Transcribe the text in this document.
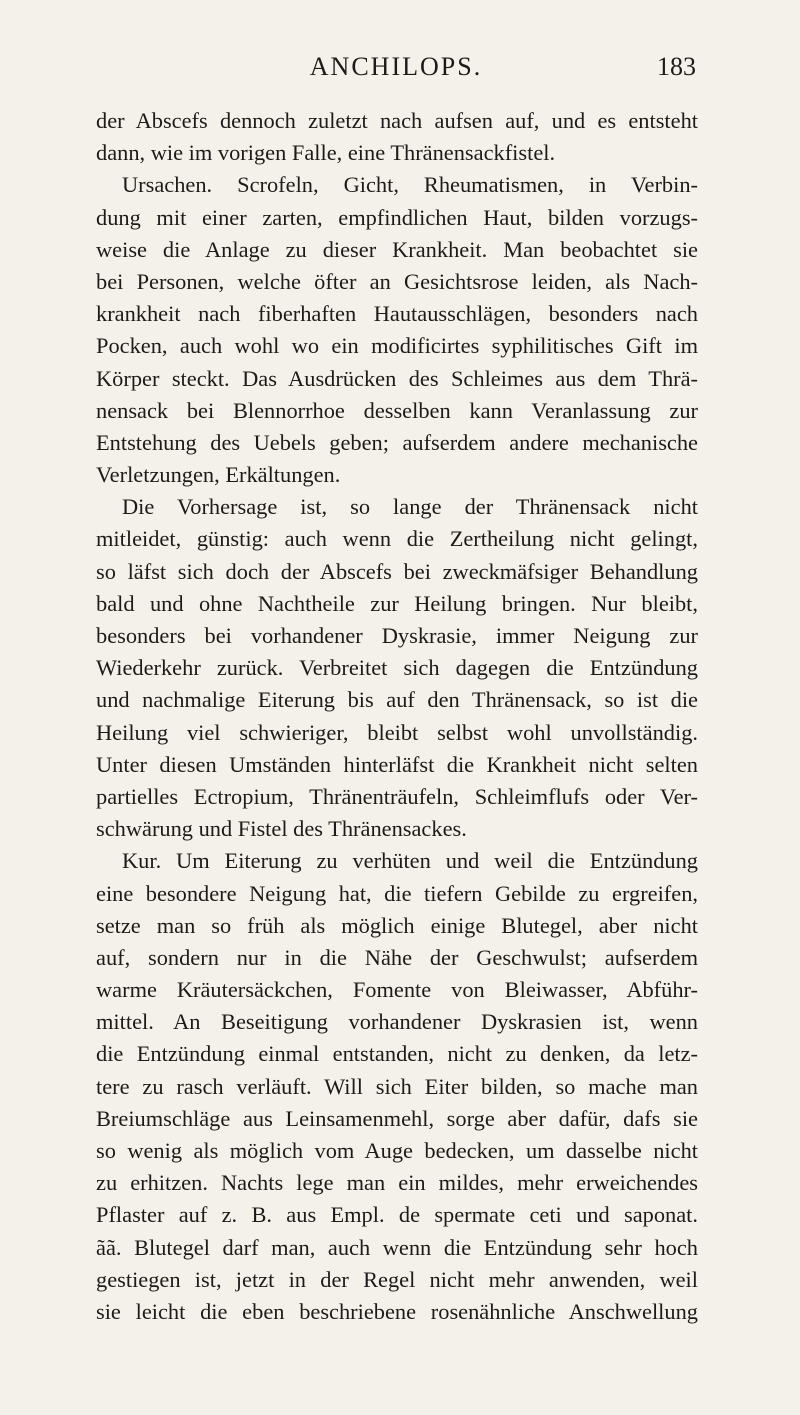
ANCHILOPS.	183
der Abscefs dennoch zuletzt nach aufsen auf, und es entsteht
dann, wie im vorigen Falle, eine Thränensackfistel.
Ursachen. Scrofeln, Gicht, Rheumatismen, in Verbin-
dung mit einer zarten, empfindlichen Haut, bilden vorzugs-
weise die Anlage zu dieser Krankheit. Man beobachtet sie
bei Personen, welche öfter an Gesichtsrose leiden, als Nach-
krankheit nach fiberhaften Hautausschlägen, besonders nach
Pocken, auch wohl wo ein modificirtes syphilitisches Gift im
Körper steckt. Das Ausdrücken des Schleimes aus dem Thrä-
nensack bei Blennorrhoe desselben kann Veranlassung zur
Entstehung des Uebels geben; aufserdem andere mechanische
Verletzungen, Erkältungen.
Die Vorhersage ist, so lange der Thränensack nicht
mitleidet, günstig: auch wenn die Zertheilung nicht gelingt,
so läfst sich doch der Abscefs bei zweckmäfsiger Behandlung
bald und ohne Nachtheile zur Heilung bringen. Nur bleibt,
besonders bei vorhandener Dyskrasie, immer Neigung zur
Wiederkehr zurück. Verbreitet sich dagegen die Entzündung
und nachmalige Eiterung bis auf den Thränensack, so ist die
Heilung viel schwieriger, bleibt selbst wohl unvollständig.
Unter diesen Umständen hinterläfst die Krankheit nicht selten
partielles Ectropium, Thränenträufeln, Schleimflufs oder Ver-
schwärung und Fistel des Thränensackes.
Kur. Um Eiterung zu verhüten und weil die Entzündung
eine besondere Neigung hat, die tiefern Gebilde zu ergreifen,
setze man so früh als möglich einige Blutegel, aber nicht
auf, sondern nur in die Nähe der Geschwulst; aufserdem
warme Kräutersäckchen, Fomente von Bleiwasser, Abführ-
mittel. An Beseitigung vorhandener Dyskrasien ist, wenn
die Entzündung einmal entstanden, nicht zu denken, da letz-
tere zu rasch verläuft. Will sich Eiter bilden, so mache man
Breiumschläge aus Leinsamenmehl, sorge aber dafür, dafs sie
so wenig als möglich vom Auge bedecken, um dasselbe nicht
zu erhitzen. Nachts lege man ein mildes, mehr erweichendes
Pflaster auf z. B. aus Empl. de spermate ceti und saponat.
ãã. Blutegel darf man, auch wenn die Entzündung sehr hoch
gestiegen ist, jetzt in der Regel nicht mehr anwenden, weil
sie leicht die eben beschriebene rosenähnliche Anschwellung
